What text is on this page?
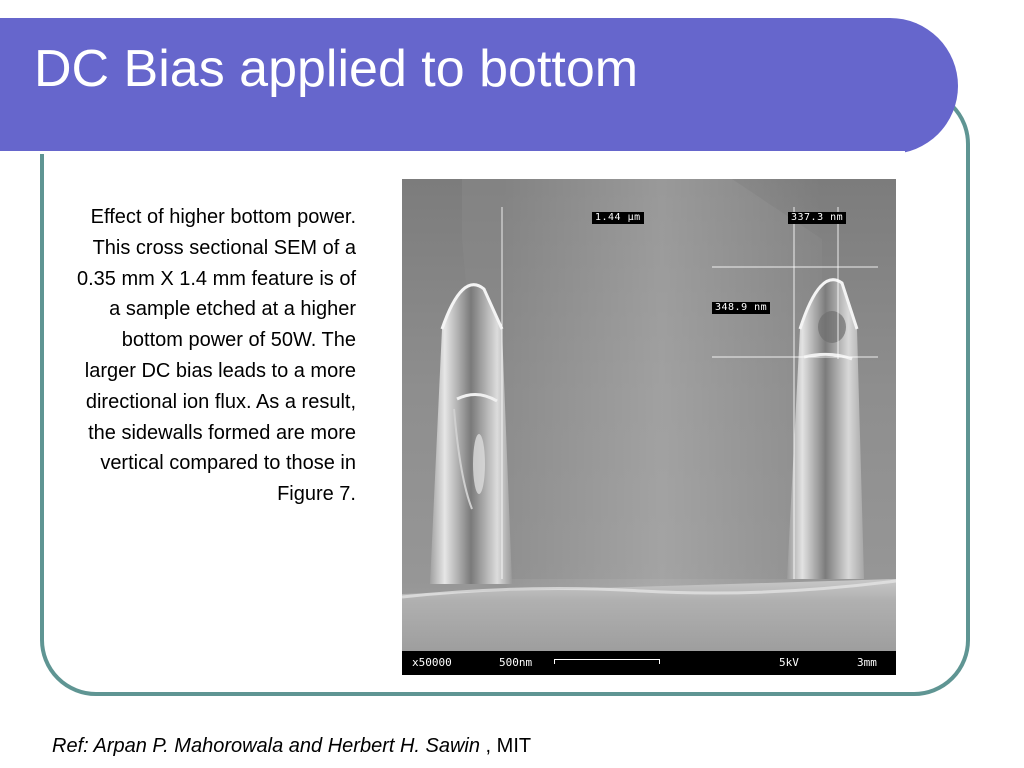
DC Bias applied to bottom

Effect of higher bottom power. This cross sectional SEM of a 0.35 mm X 1.4 mm feature is of a sample etched at a higher bottom power of 50W. The larger DC bias leads to a more directional ion flux. As a result, the sidewalls formed are more vertical compared to those in Figure 7.

1.44 µm	337.3 nm
348.9 nm
x50000	500nm	5kV	3mm

Ref: Arpan P. Mahorowala and Herbert H. Sawin , MIT
